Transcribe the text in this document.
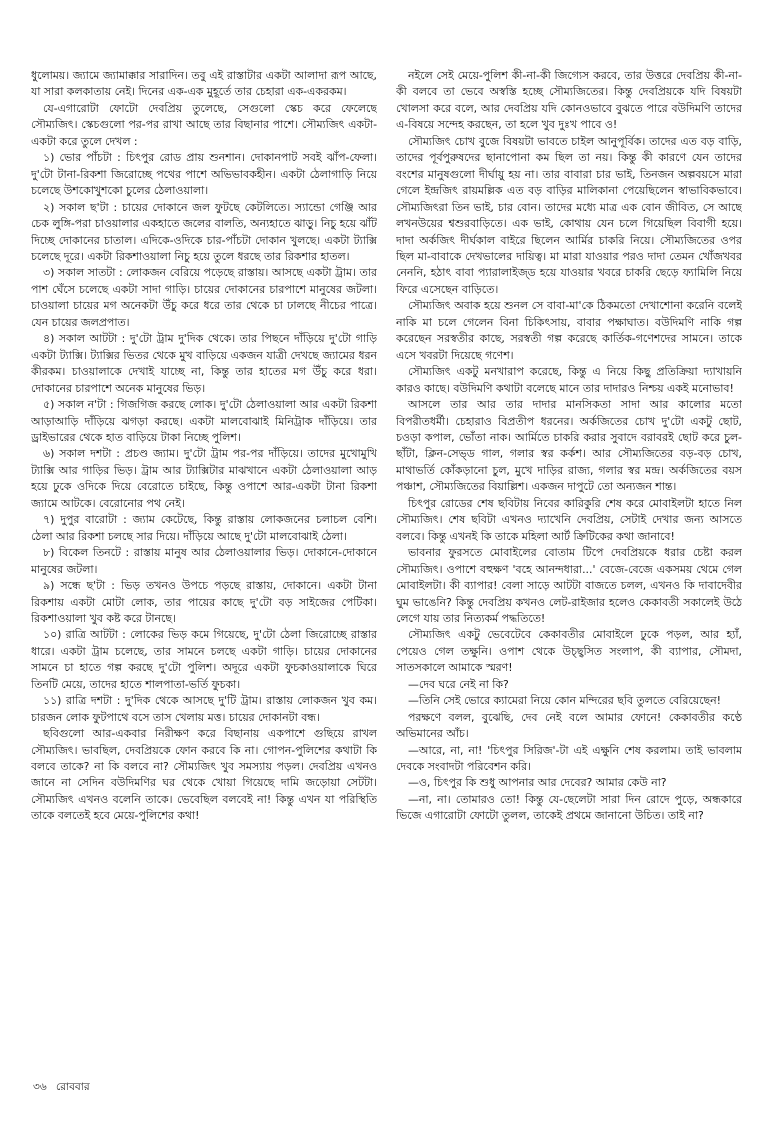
ধুলোময়। জ্যামে জ্যামাক্কার সারাদিন। তবু এই রাস্তাটার একটা আলাদা রূপ আছে, যা সারা কলকাতায় নেই। দিনের এক-এক মুহূর্তে তার চেহারা এক-একরকম।

যে-এগারোটা ফোটো দেবপ্রিয় তুলেছে, সেগুলো স্কেচ করে ফেলেছে সৌম্যজিৎ। স্কেচগুলো পর-পর রাখা আছে তার বিছানার পাশে। সৌম্যজিৎ একটা-একটা করে তুলে দেখল :

১) ভোর পাঁচটা : চিৎপুর রোড প্রায় শুনশান। দোকানপাট সবই ঝাঁপ-ফেলা। দু'টো টানা-রিকশা জিরোচ্ছে পথের পাশে অভিভাবকহীন। একটা ঠেলাগাড়ি নিয়ে চলেছে উশকোখুশকো চুলের ঠেলাওয়ালা।

২) সকাল ছ'টা : চায়ের দোকানে জল ফুটছে কেটলিতে। স্যান্ডো গেঞ্জি আর চেক লুঙ্গি-পরা চাওয়ালার একহাতে জলের বালতি, অন্যহাতে ঝাড়ু। নিচু হয়ে ঝাঁট দিচ্ছে দোকানের চাতাল। এদিকে-ওদিকে চার-পাঁচটা দোকান খুলছে। একটা ট্যাক্সি চলেছে দূরে। একটা রিকশাওয়ালা নিচু হয়ে তুলে ধরছে তার রিকশার হাতল।

৩) সকাল সাতটা : লোকজন বেরিয়ে পড়েছে রাস্তায়। আসছে একটা ট্রাম। তার পাশ ঘেঁসে চলেছে একটা সাদা গাড়ি। চায়ের দোকানের চারপাশে মানুষের জটলা। চাওয়ালা চায়ের মগ অনেকটা উঁচু করে ধরে তার থেকে চা ঢালছে নীচের পাত্রে। যেন চায়ের জলপ্রপাত।

৪) সকাল আটটা : দু'টো ট্রাম দু'দিক থেকে। তার পিছনে দাঁড়িয়ে দু'টো গাড়ি একটা ট্যাক্সি। ট্যাক্সির ভিতর থেকে মুখ বাড়িয়ে একজন যাত্রী দেখছে জ্যামের ধরন কীরকম। চাওয়ালাকে দেখাই যাচ্ছে না, কিন্তু তার হাতের মগ উঁচু করে ধরা। দোকানের চারপাশে অনেক মানুষের ভিড়।

৫) সকাল ন'টা : গিজগিজ করছে লোক। দু'টো ঠেলাওয়ালা আর একটা রিকশা আড়াআড়ি দাঁড়িয়ে ঝগড়া করছে। একটা মালবোঝাই মিনিট্রাক দাঁড়িয়ে। তার ড্রাইভারের থেকে হাত বাড়িয়ে টাকা নিচ্ছে পুলিশ।

৬) সকাল দশটা : প্রচণ্ড জ্যাম। দু'টো ট্রাম পর-পর দাঁড়িয়ে। তাদের মুখোমুখি ট্যাক্সি আর গাড়ির ভিড়। ট্রাম আর ট্যাক্সিটার মাঝখানে একটা ঠেলাওয়ালা আড় হয়ে ঢুকে ওদিকে দিয়ে বেরোতে চাইছে, কিন্তু ওপাশে আর-একটা টানা রিকশা জ্যামে আটকে। বেরোনোর পথ নেই।

৭) দুপুর বারোটা : জ্যাম কেটেছে, কিন্তু রাস্তায় লোকজনের চলাচল বেশি। ঠেলা আর রিকশা চলছে সার দিয়ে। দাঁড়িয়ে আছে দু'টো মালবোঝাই ঠেলা।

৮) বিকেল তিনটে : রাস্তায় মানুষ আর ঠেলাওয়ালার ভিড়। দোকানে-দোকানে মানুষের জটলা।

৯) সন্ধে ছ'টা : ভিড় তখনও উপচে পড়ছে রাস্তায়, দোকানে। একটা টানা রিকশায় একটা মোটা লোক, তার পায়ের কাছে দু'টো বড় সাইজের পেটিকা। রিকশাওয়ালা খুব কষ্ট করে টানছে।

১০) রাত্রি আটটা : লোকের ভিড় কমে গিয়েছে, দু'টো ঠেলা জিরোচ্ছে রাস্তার ধারে। একটা ট্রাম চলেছে, তার সামনে চলছে একটা গাড়ি। চায়ের দোকানের সামনে চা হাতে গল্প করছে দু'টো পুলিশ। অদূরে একটা ফুচকাওয়ালাকে ঘিরে তিনটি মেয়ে, তাদের হাতে শালপাতা-ভর্তি ফুচকা।

১১) রাত্রি দশটা : দু'দিক থেকে আসছে দু'টি ট্রাম। রাস্তায় লোকজন খুব কম। চারজন লোক ফুটপাথে বসে তাস খেলায় মত্ত। চায়ের দোকানটা বন্ধ।

ছবিগুলো আর-একবার নিরীক্ষণ করে বিছানায় একপাশে গুছিয়ে রাখল সৌম্যজিৎ। ভাবছিল, দেবপ্রিয়কে ফোন করবে কি না। গোপন-পুলিশের কথাটা কি বলবে তাকে? না কি বলবে না? সৌম্যজিৎ খুব সমস্যায় পড়ল। দেবপ্রিয় এখনও জানে না সেদিন বউদিমণির ঘর থেকে খোয়া গিয়েছে দামি জড়োয়া সেটটা। সৌম্যজিৎ এখনও বলেনি তাকে। ভেবেছিল বলবেই না! কিন্তু এখন যা পরিস্থিতি তাকে বলতেই হবে মেয়ে-পুলিশের কথা!

নইলে সেই মেয়ে-পুলিশ কী-না-কী জিগ্যেস করবে, তার উত্তরে দেবপ্রিয় কী-না-কী বলবে তা ভেবে অস্বস্তি হচ্ছে সৌম্যজিতের। কিন্তু দেবপ্রিয়কে যদি বিষয়টা খোলসা করে বলে, আর দেবপ্রিয় যদি কোনওভাবে বুঝতে পারে বউদিমণি তাদের এ-বিষয়ে সন্দেহ করছেন, তা হলে খুব দুঃখ পাবে ও!

সৌম্যজিৎ চোখ বুজে বিষয়টা ভাবতে চাইল আনুপূর্বিক। তাদের এত বড় বাড়ি, তাদের পূর্বপুরুষদের ছানাপোনা কম ছিল তা নয়। কিন্তু কী কারণে যেন তাদের বংশের মানুষগুলো দীর্ঘায়ু হয় না। তার বাবারা চার ভাই, তিনজন অল্পবয়সে মারা গেলে ইন্দ্রজিৎ রায়মল্লিক এত বড় বাড়ির মালিকানা পেয়েছিলেন স্বাভাবিকভাবে। সৌম্যজিৎরা তিন ভাই, চার বোন। তাদের মধ্যে মাত্র এক বোন জীবিত, সে আছে লখনউয়ের শ্বশুরবাড়িতে। এক ভাই, কোথায় যেন চলে গিয়েছিল বিবাগী হয়ে। দাদা অর্কজিৎ দীর্ঘকাল বাইরে ছিলেন আর্মির চাকরি নিয়ে। সৌম্যজিতের ওপর ছিল মা-বাবাকে দেখভালের দায়িত্ব। মা মারা যাওয়ার পরও দাদা তেমন খোঁজখবর নেননি, হঠাৎ বাবা প্যারালাইজ্ড হয়ে যাওয়ার খবরে চাকরি ছেড়ে ফ্যামিলি নিয়ে ফিরে এসেছেন বাড়িতে।

সৌম্যজিৎ অবাক হয়ে শুনল সে বাবা-মা'কে ঠিকমতো দেখাশোনা করেনি বলেই নাকি মা চলে গেলেন বিনা চিকিৎসায়, বাবার পক্ষাঘাত। বউদিমণি নাকি গল্প করেছেন সরস্বতীর কাছে, সরস্বতী গল্প করেছে কার্তিক-গণেশদের সামনে। তাকে এসে খবরটা দিয়েছে গণেশ।

সৌম্যজিৎ একটু মনখারাপ করেছে, কিন্তু এ নিয়ে কিছু প্রতিক্রিয়া দ্যাখায়নি কারও কাছে। বউদিমণি কথাটা বলেছে মানে তার দাদারও নিশ্চয় একই মনোভাব!

আসলে তার আর তার দাদার মানসিকতা সাদা আর কালোর মতো বিপরীতধর্মী। চেহারাও বিপ্রতীপ ধরনের। অর্কজিতের চোখ দু'টো একটু ছোট, চওড়া কপাল, ভোঁতা নাক। আর্মিতে চাকরি করার সুবাদে বরাবরই ছোট করে চুল-ছাঁটা, ক্লিন-সেভ্ড গাল, গলার স্বর কর্কশ। আর সৌম্যজিতের বড়-বড় চোখ, মাথাভর্তি কোঁকড়ানো চুল, মুখে দাড়ির রাজ্য, গলার স্বর মন্দ্র। অর্কজিতের বয়স পঞ্চাশ, সৌম্যজিতের বিয়াল্লিশ। একজন দাপুটে তো অন্যজন শান্ত।

চিৎপুর রোডের শেষ ছবিটায় নিবের কারিকুরি শেষ করে মোবাইলটা হাতে নিল সৌম্যজিৎ। শেষ ছবিটা এখনও দ্যাখেনি দেবপ্রিয়, সেটাই দেখার জন্য আসতে বলবে। কিন্তু এখনই কি তাকে মহিলা আর্ট ক্রিটিকের কথা জানাবে!

ভাবনার ফুরসতে মোবাইলের বোতাম টিপে দেবপ্রিয়কে ধরার চেষ্টা করল সৌম্যজিৎ। ওপাশে বহুক্ষণ 'বহে আনন্দধারা...' বেজে-বেজে একসময় থেমে গেল মোবাইলটা। কী ব্যাপার! বেলা সাড়ে আটটা বাজতে চলল, এখনও কি দাবাদেবীর ঘুম ভাঙেনি? কিন্তু দেবপ্রিয় কখনও লেট-রাইজার হলেও কেকাবতী সকালেই উঠে লেগে যায় তার নিত্যকর্ম পদ্ধতিতে!

সৌম্যজিৎ একটু ভেবেটেবে কেকাবতীর মোবাইলে ঢুকে পড়ল, আর হ্যাঁ, পেয়েও গেল তক্ষুনি। ওপাশ থেকে উচ্ছ্বসিত সংলাপ, কী ব্যাপার, সৌমদা, সাতসকালে আমাকে স্মরণ!

—দেব ঘরে নেই না কি?

—তিনি সেই ভোরে ক্যামেরা নিয়ে কোন মন্দিরের ছবি তুলতে বেরিয়েছেন!

পরক্ষণে বলল, বুঝেছি, দেব নেই বলে আমার ফোনে! কেকাবতীর কণ্ঠে অভিমানের আঁচ।

—আরে, না, না! 'চিৎপুর সিরিজ'-টা এই এক্ষুনি শেষ করলাম। তাই ভাবলাম দেবকে সংবাদটা পরিবেশন করি।

—ও, চিৎপুর কি শুধু আপনার আর দেবের? আমার কেউ না?

—না, না। তোমারও তো! কিন্তু যে-ছেলেটা সারা দিন রোদে পুড়ে, অন্ধকারে ভিজে এগারোটা ফোটো তুলল, তাকেই প্রথমে জানানো উচিত। তাই না?

৩৬ রোববার
